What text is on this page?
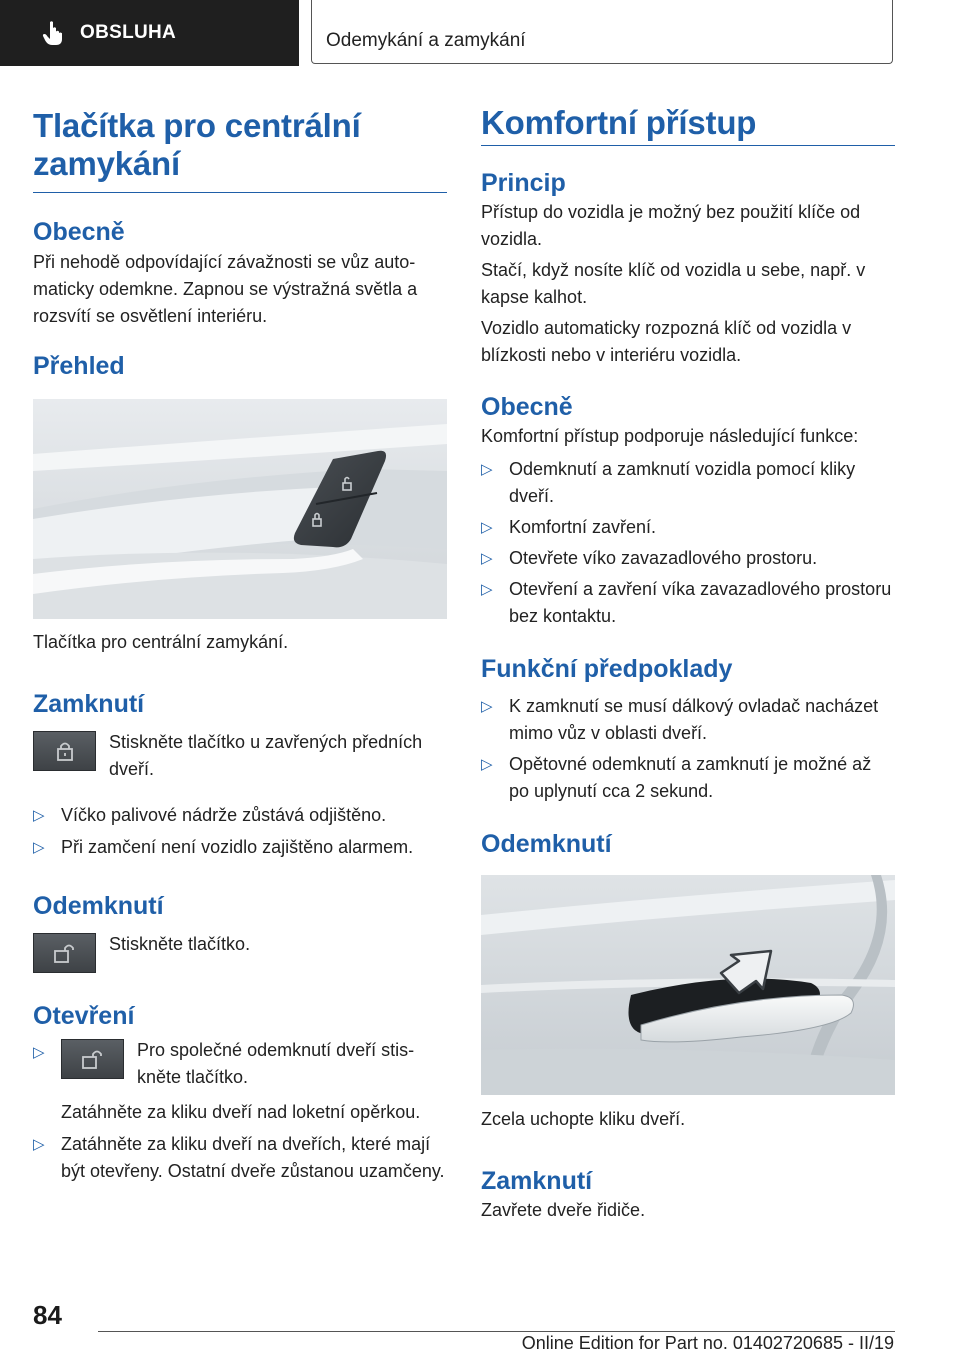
OBSLUHA	Odemykání a zamykání
Tlačítka pro centrální zamykání
Obecně

Při nehodě odpovídající závažnosti se vůz automaticky odemkne. Zapnou se výstražná světla a rozsvítí se osvětlení interiéru.

Přehled

Tlačítka pro centrální zamykání.

Zamknutí

Stiskněte tlačítko u zavřených předních dveří.

▷ Víčko palivové nádrže zůstává odjištěno.
▷ Při zamčení není vozidlo zajištěno alarmem.
Odemknutí

Stiskněte tlačítko.

Otevření
▷	Pro společné odemknutí dveří stiskněte tlačítko.
Zatáhněte za kliku dveří nad loketní opěrkou.
▷ Zatáhněte za kliku dveří na dveřích, které mají být otevřeny. Ostatní dveře zůstanou uzamčeny.
Komfortní přístup
Princip

Přístup do vozidla je možný bez použití klíče od vozidla.

Stačí, když nosíte klíč od vozidla u sebe, např. v kapse kalhot.

Vozidlo automaticky rozpozná klíč od vozidla v blízkosti nebo v interiéru vozidla.

Obecně

Komfortní přístup podporuje následující funkce:

▷ Odemknutí a zamknutí vozidla pomocí kliky dveří.
▷ Komfortní zavření.
▷ Otevřete víko zavazadlového prostoru.
▷ Otevření a zavření víka zavazadlového prostoru bez kontaktu.
Funkční předpoklady
▷ K zamknutí se musí dálkový ovladač nacházet mimo vůz v oblasti dveří.
▷ Opětovné odemknutí a zamknutí je možné až po uplynutí cca 2 sekund.
Odemknutí

Zcela uchopte kliku dveří.

Zamknutí

Zavřete dveře řidiče.

84
Online Edition for Part no. 01402720685 - II/19
